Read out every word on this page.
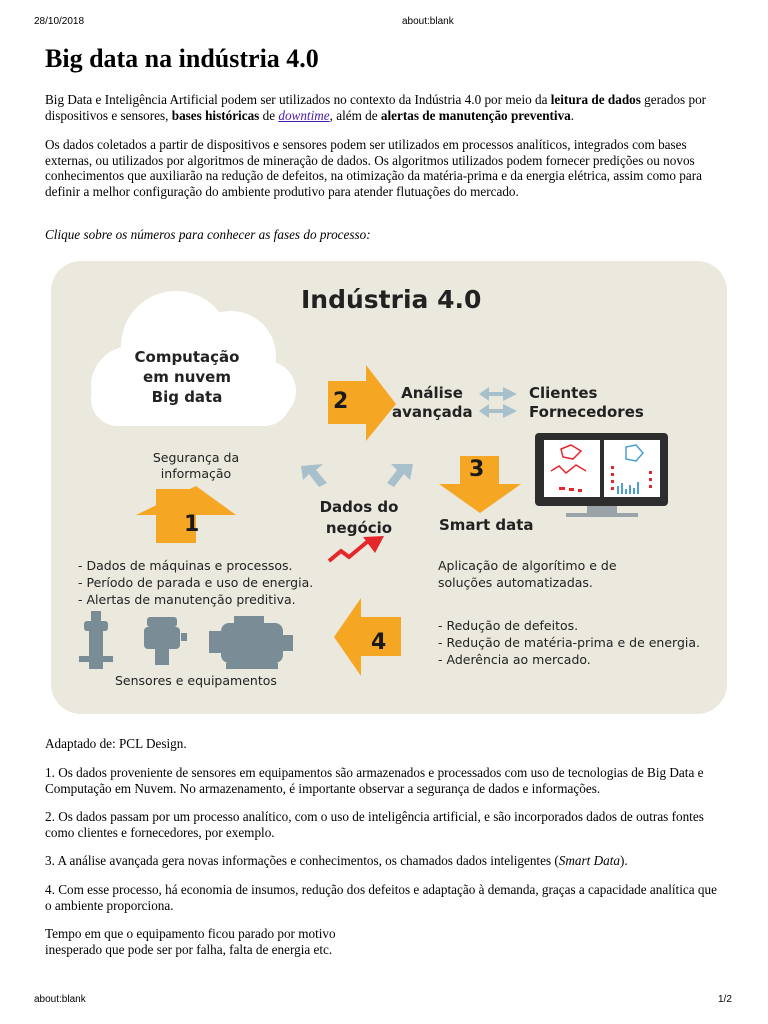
28/10/2018	about:blank
Big data na indústria 4.0

Big Data e Inteligência Artificial podem ser utilizados no contexto da Indústria 4.0 por meio da leitura de dados gerados por dispositivos e sensores, bases históricas de downtime, além de alertas de manutenção preventiva.

Os dados coletados a partir de dispositivos e sensores podem ser utilizados em processos analíticos, integrados com bases externas, ou utilizados por algoritmos de mineração de dados. Os algoritmos utilizados podem fornecer predições ou novos conhecimentos que auxiliarão na redução de defeitos, na otimização da matéria-prima e da energia elétrica, assim como para definir a melhor configuração do ambiente produtivo para atender flutuações do mercado.

Clique sobre os números para conhecer as fases do processo:

Indústria 4.0
Computação
em nuvem
Big data	2	Análise
avançada
Clientes
Fornecedores
Segurança da
informação	3
Dados do
negócio
1	Smart data
- Dados de máquinas e processos.
- Período de parada e uso de energia.
- Alertas de manutenção preditiva.
Aplicação de algorítimo e de
soluções automatizadas.
- Redução de defeitos.
- Redução de matéria-prima e de energia.
- Aderência ao mercado.
4
Sensores e equipamentos

Adaptado de: PCL Design.

1. Os dados proveniente de sensores em equipamentos são armazenados e processados com uso de tecnologias de Big Data e Computação em Nuvem. No armazenamento, é importante observar a segurança de dados e informações.

2. Os dados passam por um processo analítico, com o uso de inteligência artificial, e são incorporados dados de outras fontes como clientes e fornecedores, por exemplo.

3. A análise avançada gera novas informações e conhecimentos, os chamados dados inteligentes (Smart Data).

4. Com esse processo, há economia de insumos, redução dos defeitos e adaptação à demanda, graças a capacidade analítica que o ambiente proporciona.

Tempo em que o equipamento ficou parado por motivo
inesperado que pode ser por falha, falta de energia etc.

about:blank	1/2
